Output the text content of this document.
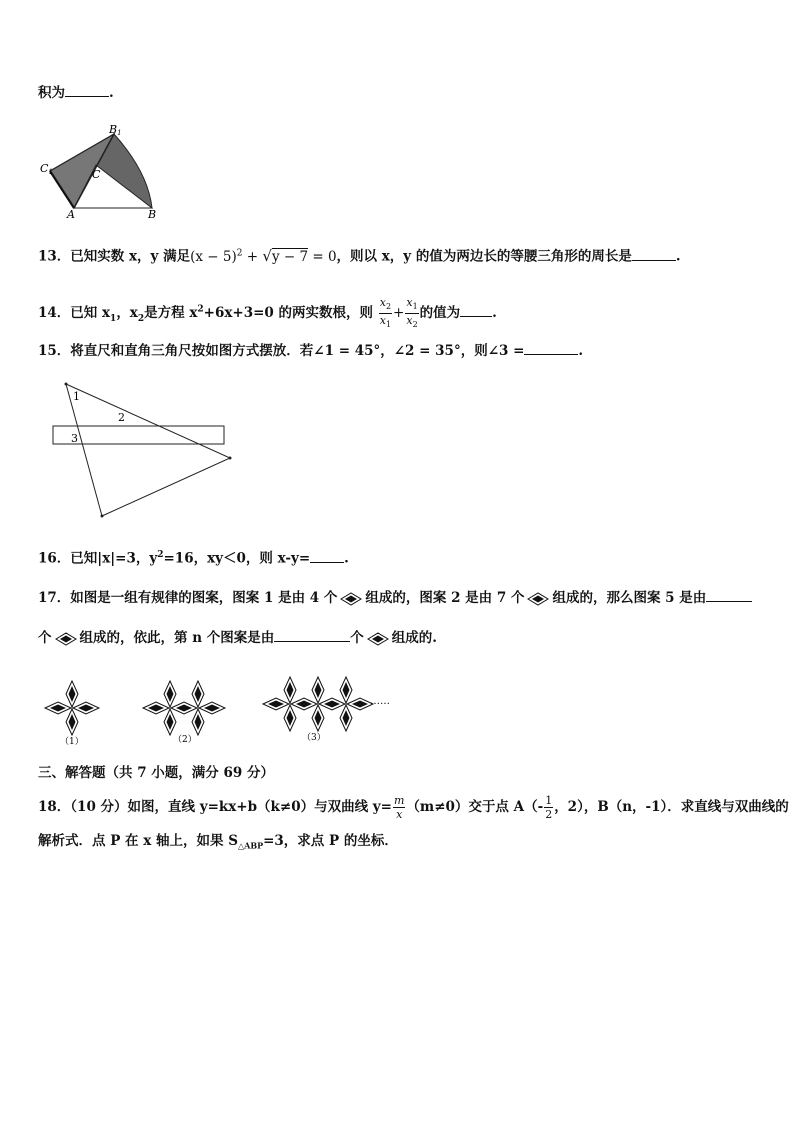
积为	.
B1
C1	C
A	B
13．已知实数 x，y 满足$(x - 5)^2 + √y - 7 = 0$，则以 x，y 的值为两边长的等腰三角形的周长是	.
14．已知 $x_1$，$x_2$是方程 $x^2+6x+3=0$ 的两实数根，则 $\frac{x_2}{x_1} + \frac{x_1}{x_2}$ 的值为 .
15．将直尺和直角三角尺按如图方式摆放．若∠1 = 45°，∠2 = 35°，则∠3 =	.
1
2
3
16．已知|x|=3，$y^2=16$，xy＜0，则 x-y=	.
17．如图是一组有规律的图案，图案 1 是由 4 个 组成的，图案 2 是由 7 个 组成的，那么图案 5 是由
个 组成的，依此，第 n 个图案是由	个 组成的.
（1）	（2）	（3）
……
三、解答题（共 7 小题，满分 69 分）
18．（10 分）如图，直线 y=kx+b（k≠0）与双曲线 $y= \frac{m}{x} (m\ne 0)$交于点 $A(- \frac{1}{2}$ ，2），B（n，-1）．求直线与双曲线的
解析式．点 P 在 x 轴上，如果 $S_{\triangle ABP}=3$，求点 P 的坐标．
